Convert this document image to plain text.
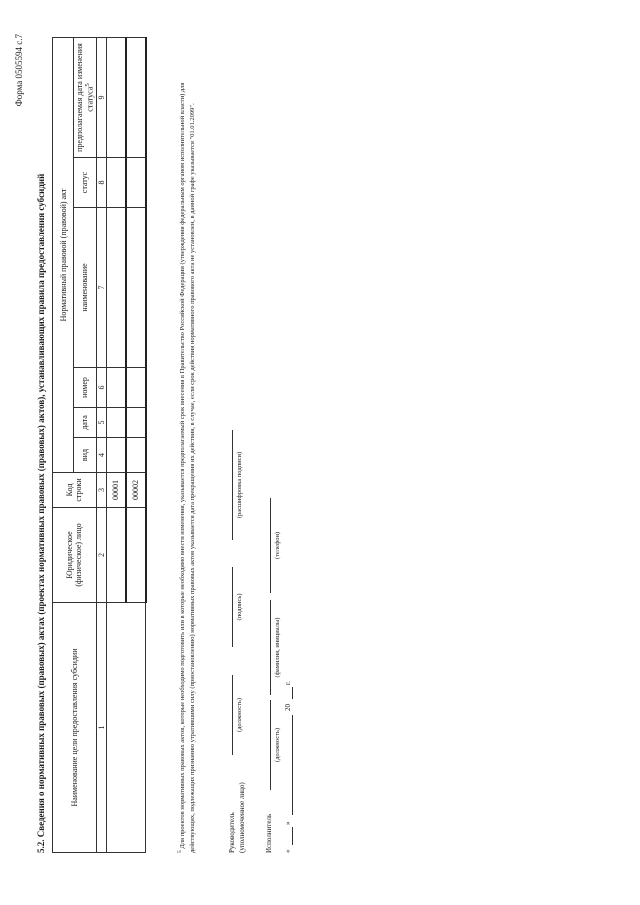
Форма 0505594 с.7
5.2. Сведения о нормативных правовых (правовых) актах (проектах нормативных правовых (правовых) актов), устанавливающих правила предоставления субсидий	Наименование цели предоставления субсидии	Юридическое (физическое) лицо	Код строки	Нормативный правовой (правовой) акт					
			вид	дата	номер	наименование	статус	предполагаемая дата изменения статуса$^5$
1	2	3	4	5	6	7	8	9
		00001						
		00002						
$^5$ Для проектов нормативных правовых актов, которые необходимо подготовить или в которые необходимо внести изменения, указывается предполагаемый срок внесения в Правительство Российской Федерации (утверждения федеральным органом исполнительной власти) для действующих, подлежащих признанию утратившими силу (приостановлению) нормативных правовых актов указывается дата прекращения их действия, в случае, если срок действия нормативного правового акта не установлен, в данной графе указывается "01.01.2099".	Руководитель (уполномоченное лицо)
(должность)
(подпись)
(расшифровка подписи)
Исполнитель
(должность)
(фамилия, инициалы)
(телефон)
«
»
20
г.
